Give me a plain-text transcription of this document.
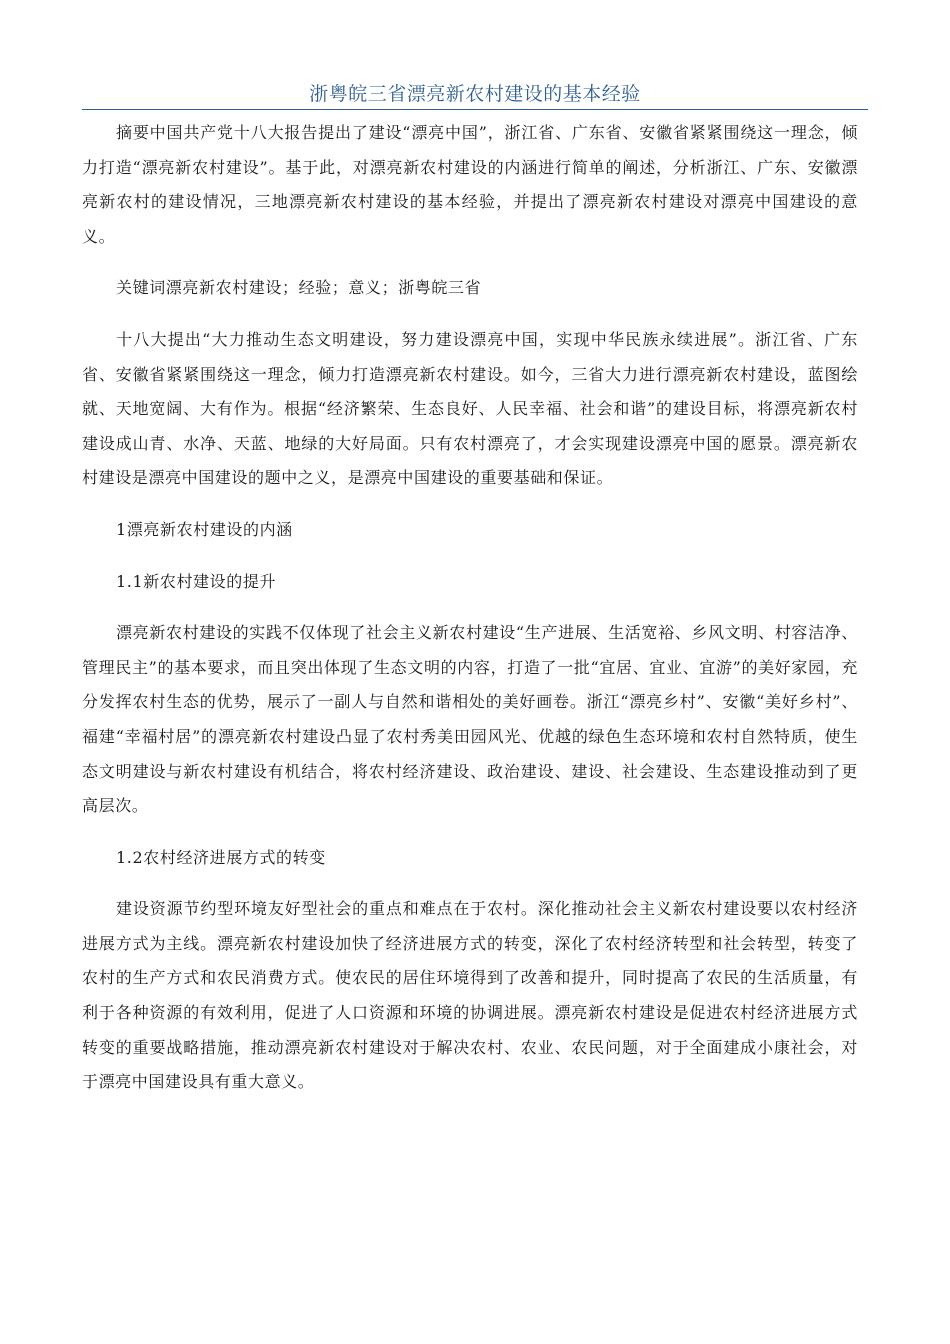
浙粤皖三省漂亮新农村建设的基本经验

摘要中国共产党十八大报告提出了建设“漂亮中国”，浙江省、广东省、安徽省紧紧围绕这一理念，倾力打造“漂亮新农村建设”。基于此，对漂亮新农村建设的内涵进行简单的阐述，分析浙江、广东、安徽漂亮新农村的建设情况，三地漂亮新农村建设的基本经验，并提出了漂亮新农村建设对漂亮中国建设的意义。

关键词漂亮新农村建设；经验；意义；浙粤皖三省

十八大提出“大力推动生态文明建设，努力建设漂亮中国，实现中华民族永续进展”。浙江省、广东省、安徽省紧紧围绕这一理念，倾力打造漂亮新农村建设。如今，三省大力进行漂亮新农村建设，蓝图绘就、天地宽阔、大有作为。根据“经济繁荣、生态良好、人民幸福、社会和谐”的建设目标，将漂亮新农村建设成山青、水净、天蓝、地绿的大好局面。只有农村漂亮了，才会实现建设漂亮中国的愿景。漂亮新农村建设是漂亮中国建设的题中之义，是漂亮中国建设的重要基础和保证。

1漂亮新农村建设的内涵

1.1新农村建设的提升

漂亮新农村建设的实践不仅体现了社会主义新农村建设“生产进展、生活宽裕、乡风文明、村容洁净、管理民主”的基本要求，而且突出体现了生态文明的内容，打造了一批“宜居、宜业、宜游”的美好家园，充分发挥农村生态的优势，展示了一副人与自然和谐相处的美好画卷。浙江“漂亮乡村”、安徽“美好乡村”、福建“幸福村居”的漂亮新农村建设凸显了农村秀美田园风光、优越的绿色生态环境和农村自然特质，使生态文明建设与新农村建设有机结合，将农村经济建设、政治建设、建设、社会建设、生态建设推动到了更高层次。

1.2农村经济进展方式的转变

建设资源节约型环境友好型社会的重点和难点在于农村。深化推动社会主义新农村建设要以农村经济进展方式为主线。漂亮新农村建设加快了经济进展方式的转变，深化了农村经济转型和社会转型，转变了农村的生产方式和农民消费方式。使农民的居住环境得到了改善和提升，同时提高了农民的生活质量，有利于各种资源的有效利用，促进了人口资源和环境的协调进展。漂亮新农村建设是促进农村经济进展方式转变的重要战略措施，推动漂亮新农村建设对于解决农村、农业、农民问题，对于全面建成小康社会，对于漂亮中国建设具有重大意义。
